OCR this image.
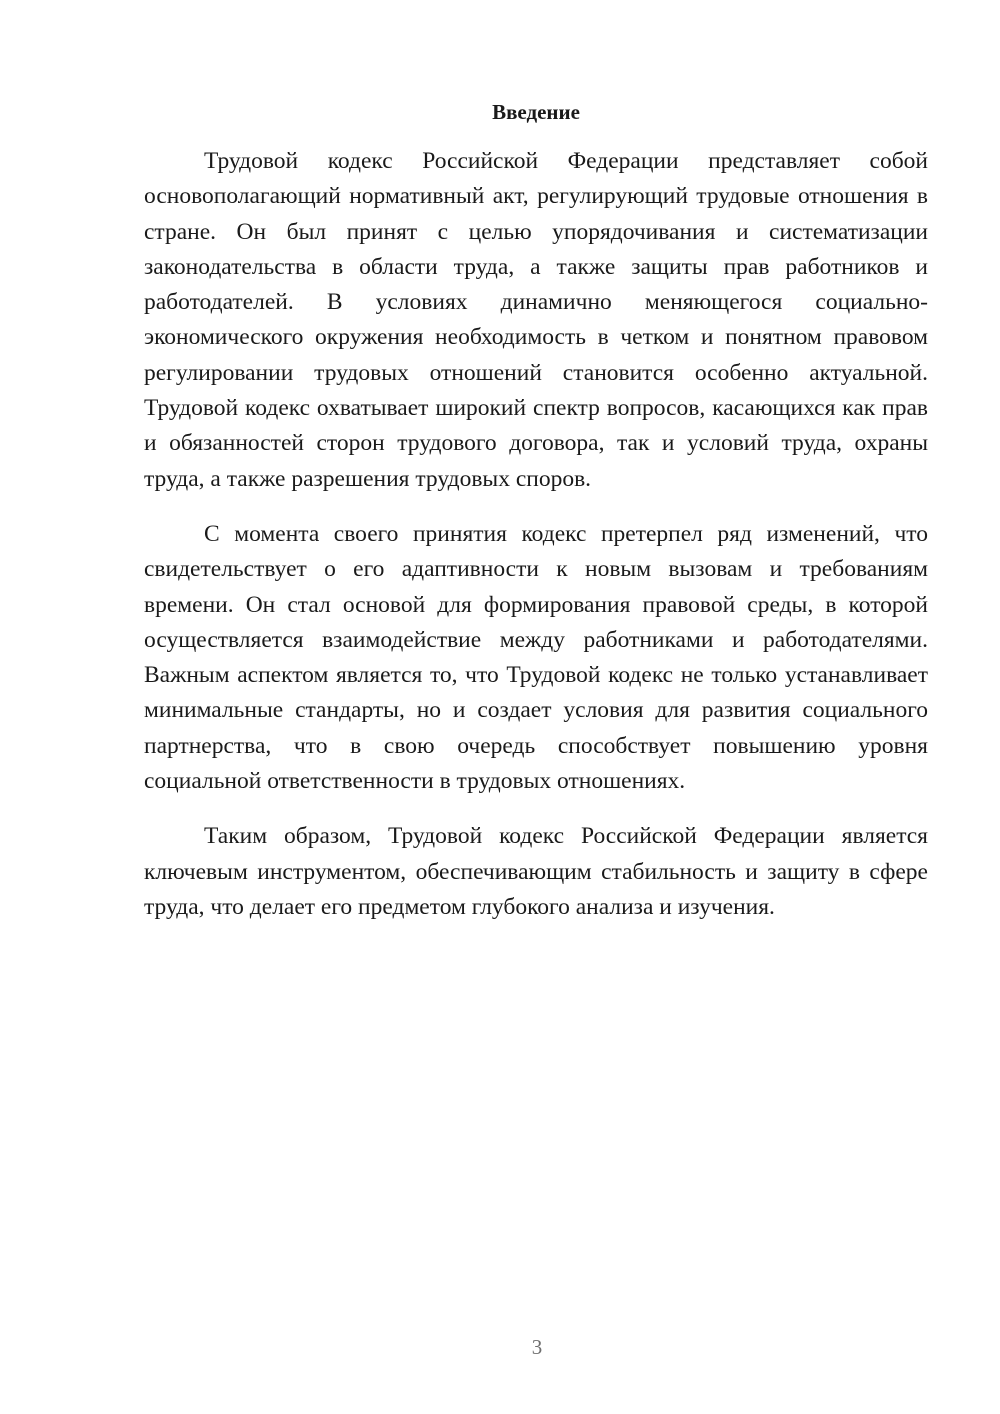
Введение

Трудовой кодекс Российской Федерации представляет собой основополагающий нормативный акт, регулирующий трудовые отношения в стране. Он был принят с целью упорядочивания и систематизации законодательства в области труда, а также защиты прав работников и работодателей. В условиях динамично меняющегося социально-экономического окружения необходимость в четком и понятном правовом регулировании трудовых отношений становится особенно актуальной. Трудовой кодекс охватывает широкий спектр вопросов, касающихся как прав и обязанностей сторон трудового договора, так и условий труда, охраны труда, а также разрешения трудовых споров.

С момента своего принятия кодекс претерпел ряд изменений, что свидетельствует о его адаптивности к новым вызовам и требованиям времени. Он стал основой для формирования правовой среды, в которой осуществляется взаимодействие между работниками и работодателями. Важным аспектом является то, что Трудовой кодекс не только устанавливает минимальные стандарты, но и создает условия для развития социального партнерства, что в свою очередь способствует повышению уровня социальной ответственности в трудовых отношениях.

Таким образом, Трудовой кодекс Российской Федерации является ключевым инструментом, обеспечивающим стабильность и защиту в сфере труда, что делает его предметом глубокого анализа и изучения.

3
